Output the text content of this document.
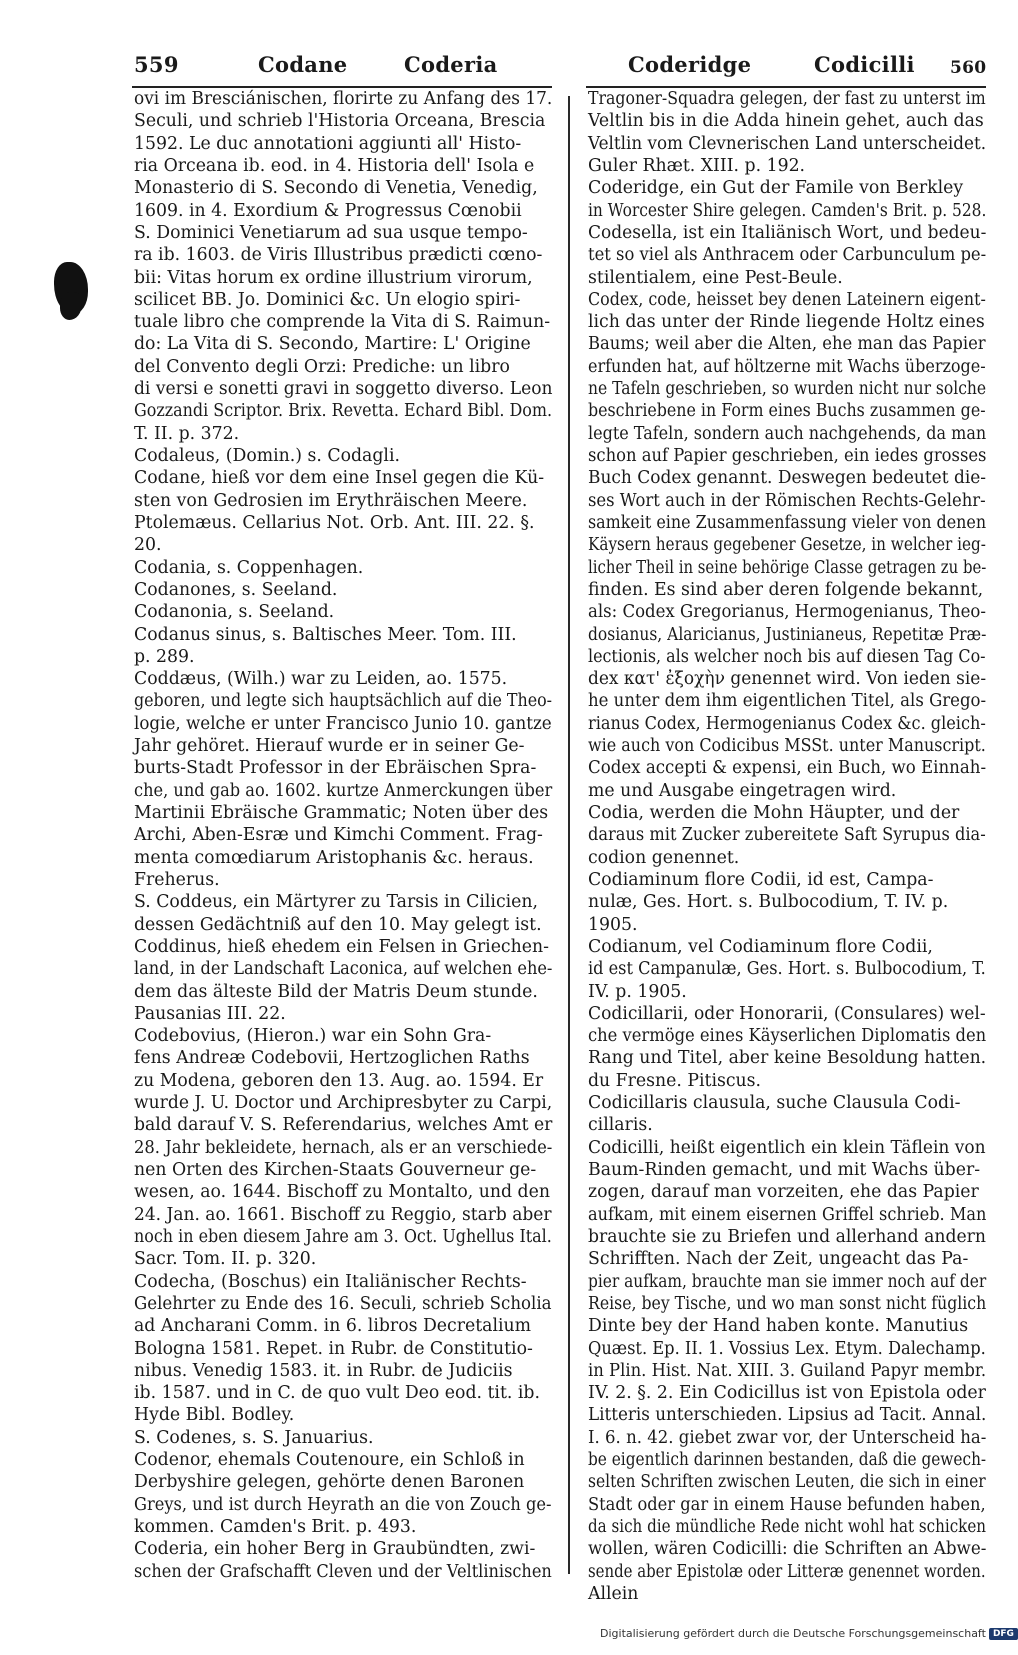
559	Codane	Coderia	Coderidge	Codicilli 560
ovi im Bresciánischen, florirte zu Anfang des 17.
Seculi, und schrieb l'Historia Orceana, Brescia
1592. Le duc annotationi aggiunti all' Histo-
ria Orceana ib. eod. in 4. Historia dell' Isola e
Monasterio di S. Secondo di Venetia, Venedig,
1609. in 4. Exordium & Progressus Cœnobii
S. Dominici Venetiarum ad sua usque tempo-
ra ib. 1603. de Viris Illustribus prædicti cœno-
bii: Vitas horum ex ordine illustrium virorum,
scilicet BB. Jo. Dominici &c. Un elogio spiri-
tuale libro che comprende la Vita di S. Raimun-
do: La Vita di S. Secondo, Martire: L' Origine
del Convento degli Orzi: Prediche: un libro
di versi e sonetti gravi in soggetto diverso. Leon
Gozzandi Scriptor. Brix. Revetta. Echard Bibl. Dom.
T. II. p. 372.
Codaleus, (Domin.) s. Codagli.
Codane, hieß vor dem eine Insel gegen die Kü-
sten von Gedrosien im Erythräischen Meere.
Ptolemæus. Cellarius Not. Orb. Ant. III. 22. §.
20.
Codania, s. Coppenhagen.
Codanones, s. Seeland.
Codanonia, s. Seeland.
Codanus sinus, s. Baltisches Meer. Tom. III.
p. 289.
Coddæus, (Wilh.) war zu Leiden, ao. 1575.
geboren, und legte sich hauptsächlich auf die Theo-
logie, welche er unter Francisco Junio 10. gantze
Jahr gehöret. Hierauf wurde er in seiner Ge-
burts-Stadt Professor in der Ebräischen Spra-
che, und gab ao. 1602. kurtze Anmerckungen über
Martinii Ebräische Grammatic; Noten über des
Archi, Aben-Esræ und Kimchi Comment. Frag-
menta comœdiarum Aristophanis &c. heraus.
Freherus.
S. Coddeus, ein Märtyrer zu Tarsis in Cilicien,
dessen Gedächtniß auf den 10. May gelegt ist.
Coddinus, hieß ehedem ein Felsen in Griechen-
land, in der Landschaft Laconica, auf welchen ehe-
dem das älteste Bild der Matris Deum stunde.
Pausanias III. 22.
Codebovius, (Hieron.) war ein Sohn Gra-
fens Andreæ Codebovii, Hertzoglichen Raths
zu Modena, geboren den 13. Aug. ao. 1594. Er
wurde J. U. Doctor und Archipresbyter zu Carpi,
bald darauf V. S. Referendarius, welches Amt er
28. Jahr bekleidete, hernach, als er an verschiede-
nen Orten des Kirchen-Staats Gouverneur ge-
wesen, ao. 1644. Bischoff zu Montalto, und den
24. Jan. ao. 1661. Bischoff zu Reggio, starb aber
noch in eben diesem Jahre am 3. Oct. Ughellus Ital.
Sacr. Tom. II. p. 320.
Codecha, (Boschus) ein Italiänischer Rechts-
Gelehrter zu Ende des 16. Seculi, schrieb Scholia
ad Ancharani Comm. in 6. libros Decretalium
Bologna 1581. Repet. in Rubr. de Constitutio-
nibus. Venedig 1583. it. in Rubr. de Judiciis
ib. 1587. und in C. de quo vult Deo eod. tit. ib.
Hyde Bibl. Bodley.
S. Codenes, s. S. Januarius.
Codenor, ehemals Coutenoure, ein Schloß in
Derbyshire gelegen, gehörte denen Baronen
Greys, und ist durch Heyrath an die von Zouch ge-
kommen. Camden's Brit. p. 493.
Coderia, ein hoher Berg in Graubündten, zwi-
schen der Grafschafft Cleven und der Veltlinischen
Tragoner-Squadra gelegen, der fast zu unterst im
Veltlin bis in die Adda hinein gehet, auch das
Veltlin vom Clevnerischen Land unterscheidet.
Guler Rhæt. XIII. p. 192.
Coderidge, ein Gut der Famile von Berkley
in Worcester Shire gelegen. Camden's Brit. p. 528.
Codesella, ist ein Italiänisch Wort, und bedeu-
tet so viel als Anthracem oder Carbunculum pe-
stilentialem, eine Pest-Beule.
Codex, code, heisset bey denen Lateinern eigent-
lich das unter der Rinde liegende Holtz eines
Baums; weil aber die Alten, ehe man das Papier
erfunden hat, auf höltzerne mit Wachs überzoge-
ne Tafeln geschrieben, so wurden nicht nur solche
beschriebene in Form eines Buchs zusammen ge-
legte Tafeln, sondern auch nachgehends, da man
schon auf Papier geschrieben, ein iedes grosses
Buch Codex genannt. Deswegen bedeutet die-
ses Wort auch in der Römischen Rechts-Gelehr-
samkeit eine Zusammenfassung vieler von denen
Käysern heraus gegebener Gesetze, in welcher ieg-
licher Theil in seine behörige Classe getragen zu be-
finden. Es sind aber deren folgende bekannt,
als: Codex Gregorianus, Hermogenianus, Theo-
dosianus, Alaricianus, Justinianeus, Repetitæ Præ-
lectionis, als welcher noch bis auf diesen Tag Co-
dex κατ' ἐξοχὴν genennet wird. Von ieden sie-
he unter dem ihm eigentlichen Titel, als Grego-
rianus Codex, Hermogenianus Codex &c. gleich-
wie auch von Codicibus MSSt. unter Manuscript.
Codex accepti & expensi, ein Buch, wo Einnah-
me und Ausgabe eingetragen wird.
Codia, werden die Mohn Häupter, und der
daraus mit Zucker zubereitete Saft Syrupus dia-
codion genennet.
Codiaminum flore Codii, id est, Campa-
nulæ, Ges. Hort. s. Bulbocodium, T. IV. p.
1905.
Codianum, vel Codiaminum flore Codii,
id est Campanulæ, Ges. Hort. s. Bulbocodium, T.
IV. p. 1905.
Codicillarii, oder Honorarii, (Consulares) wel-
che vermöge eines Käyserlichen Diplomatis den
Rang und Titel, aber keine Besoldung hatten.
du Fresne. Pitiscus.
Codicillaris clausula, suche Clausula Codi-
cillaris.
Codicilli, heißt eigentlich ein klein Täflein von
Baum-Rinden gemacht, und mit Wachs über-
zogen, darauf man vorzeiten, ehe das Papier
aufkam, mit einem eisernen Griffel schrieb. Man
brauchte sie zu Briefen und allerhand andern
Schrifften. Nach der Zeit, ungeacht das Pa-
pier aufkam, brauchte man sie immer noch auf der
Reise, bey Tische, und wo man sonst nicht füglich
Dinte bey der Hand haben konte. Manutius
Quæst. Ep. II. 1. Vossius Lex. Etym. Dalechamp.
in Plin. Hist. Nat. XIII. 3. Guiland Papyr membr.
IV. 2. §. 2. Ein Codicillus ist von Epistola oder
Litteris unterschieden. Lipsius ad Tacit. Annal.
I. 6. n. 42. giebet zwar vor, der Unterscheid ha-
be eigentlich darinnen bestanden, daß die gewech-
selten Schriften zwischen Leuten, die sich in einer
Stadt oder gar in einem Hause befunden haben,
da sich die mündliche Rede nicht wohl hat schicken
wollen, wären Codicilli: die Schriften an Abwe-
sende aber Epistolæ oder Litteræ genennet worden.
Allein
Digitalisierung gefördert durch die Deutsche Forschungsgemeinschaft DFG
